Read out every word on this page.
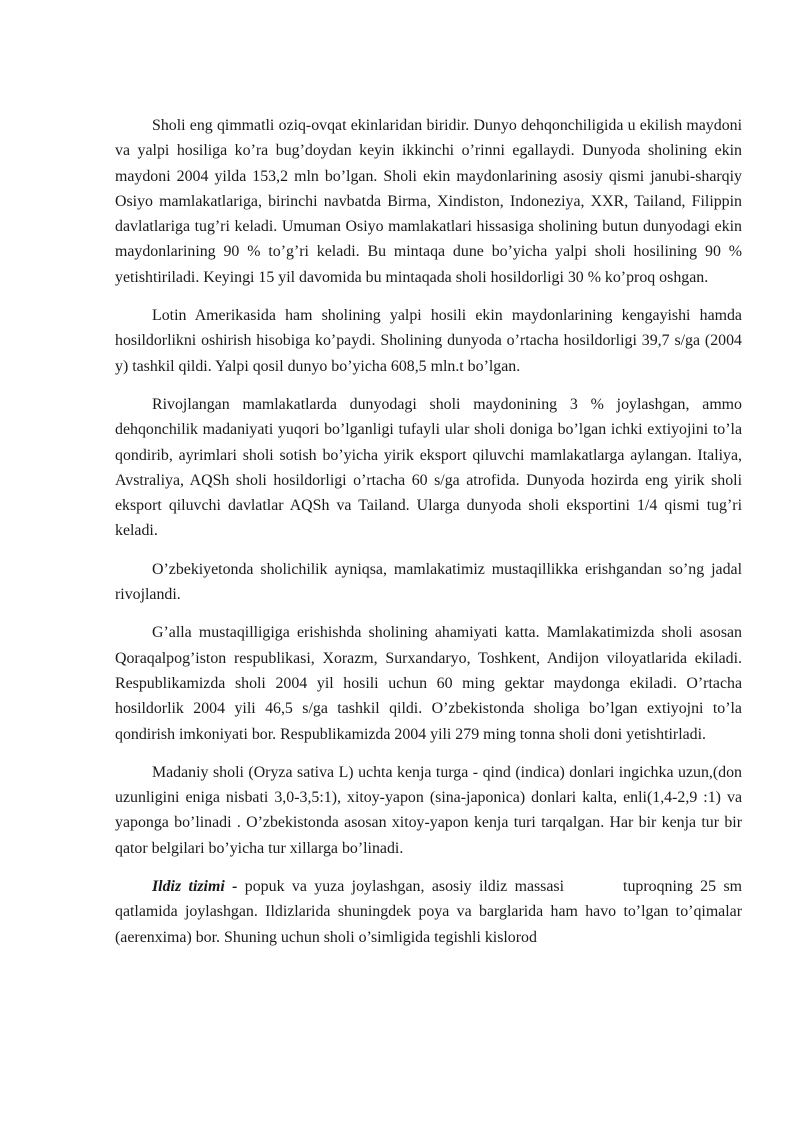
Sholi eng qimmatli oziq-ovqat ekinlaridan biridir. Dunyo dehqonchiligida u ekilish maydoni va yalpi hosiliga ko’ra bug’doydan keyin ikkinchi o’rinni egallaydi. Dunyoda sholining ekin maydoni 2004 yilda 153,2 mln bo’lgan. Sholi ekin maydonlarining asosiy qismi janubi-sharqiy Osiyo mamlakatlariga, birinchi navbatda Birma, Xindiston, Indoneziya, XXR, Tailand, Filippin davlatlariga tug’ri keladi. Umuman Osiyo mamlakatlari hissasiga sholining butun dunyodagi ekin maydonlarining 90 % to’g’ri keladi. Bu mintaqa dune bo’yicha yalpi sholi hosilining 90 % yetishtiriladi. Keyingi 15 yil davomida bu mintaqada sholi hosildorligi 30 % ko’proq oshgan.

Lotin Amerikasida ham sholining yalpi hosili ekin maydonlarining kengayishi hamda hosildorlikni oshirish hisobiga ko’paydi. Sholining dunyoda o’rtacha hosildorligi 39,7 s/ga (2004 y) tashkil qildi. Yalpi qosil dunyo bo’yicha 608,5 mln.t bo’lgan.

Rivojlangan mamlakatlarda dunyodagi sholi maydonining 3 % joylashgan, ammo dehqonchilik madaniyati yuqori bo’lganligi tufayli ular sholi doniga bo’lgan ichki extiyojini to’la qondirib, ayrimlari sholi sotish bo’yicha yirik eksport qiluvchi mamlakatlarga aylangan. Italiya, Avstraliya, AQSh sholi hosildorligi o’rtacha 60 s/ga atrofida. Dunyoda hozirda eng yirik sholi eksport qiluvchi davlatlar AQSh va Tailand. Ularga dunyoda sholi eksportini 1/4 qismi tug’ri keladi.

O’zbekiyetonda sholichilik ayniqsa, mamlakatimiz mustaqillikka erishgandan so’ng jadal rivojlandi.

G’alla mustaqilligiga erishishda sholining ahamiyati katta. Mamlakatimizda sholi asosan Qoraqalpog’iston respublikasi, Xorazm, Surxandaryo, Toshkent, Andijon viloyatlarida ekiladi. Respublikamizda sholi 2004 yil hosili uchun 60 ming gektar maydonga ekiladi. O’rtacha hosildorlik 2004 yili 46,5 s/ga tashkil qildi. O’zbekistonda sholiga bo’lgan extiyojni to’la qondirish imkoniyati bor. Respublikamizda 2004 yili 279 ming tonna sholi doni yetishtirladi.

Madaniy sholi (Oryza sativa L) uchta kenja turga - qind (indica) donlari ingichka uzun,(don uzunligini eniga nisbati 3,0-3,5:1), xitoy-yapon (sina-japonica) donlari kalta, enli(1,4-2,9 :1) va yaponga bo’linadi . O’zbekistonda asosan xitoy-yapon kenja turi tarqalgan. Har bir kenja tur bir qator belgilari bo’yicha tur xillarga bo’linadi.

Ildiz tizimi - popuk va yuza joylashgan, asosiy ildiz massasi        tuproqning 25 sm qatlamida joylashgan. Ildizlarida shuningdek poya va barglarida ham havo to’lgan to’qimalar (aerenxima) bor. Shuning uchun sholi o’simligida tegishli kislorod
